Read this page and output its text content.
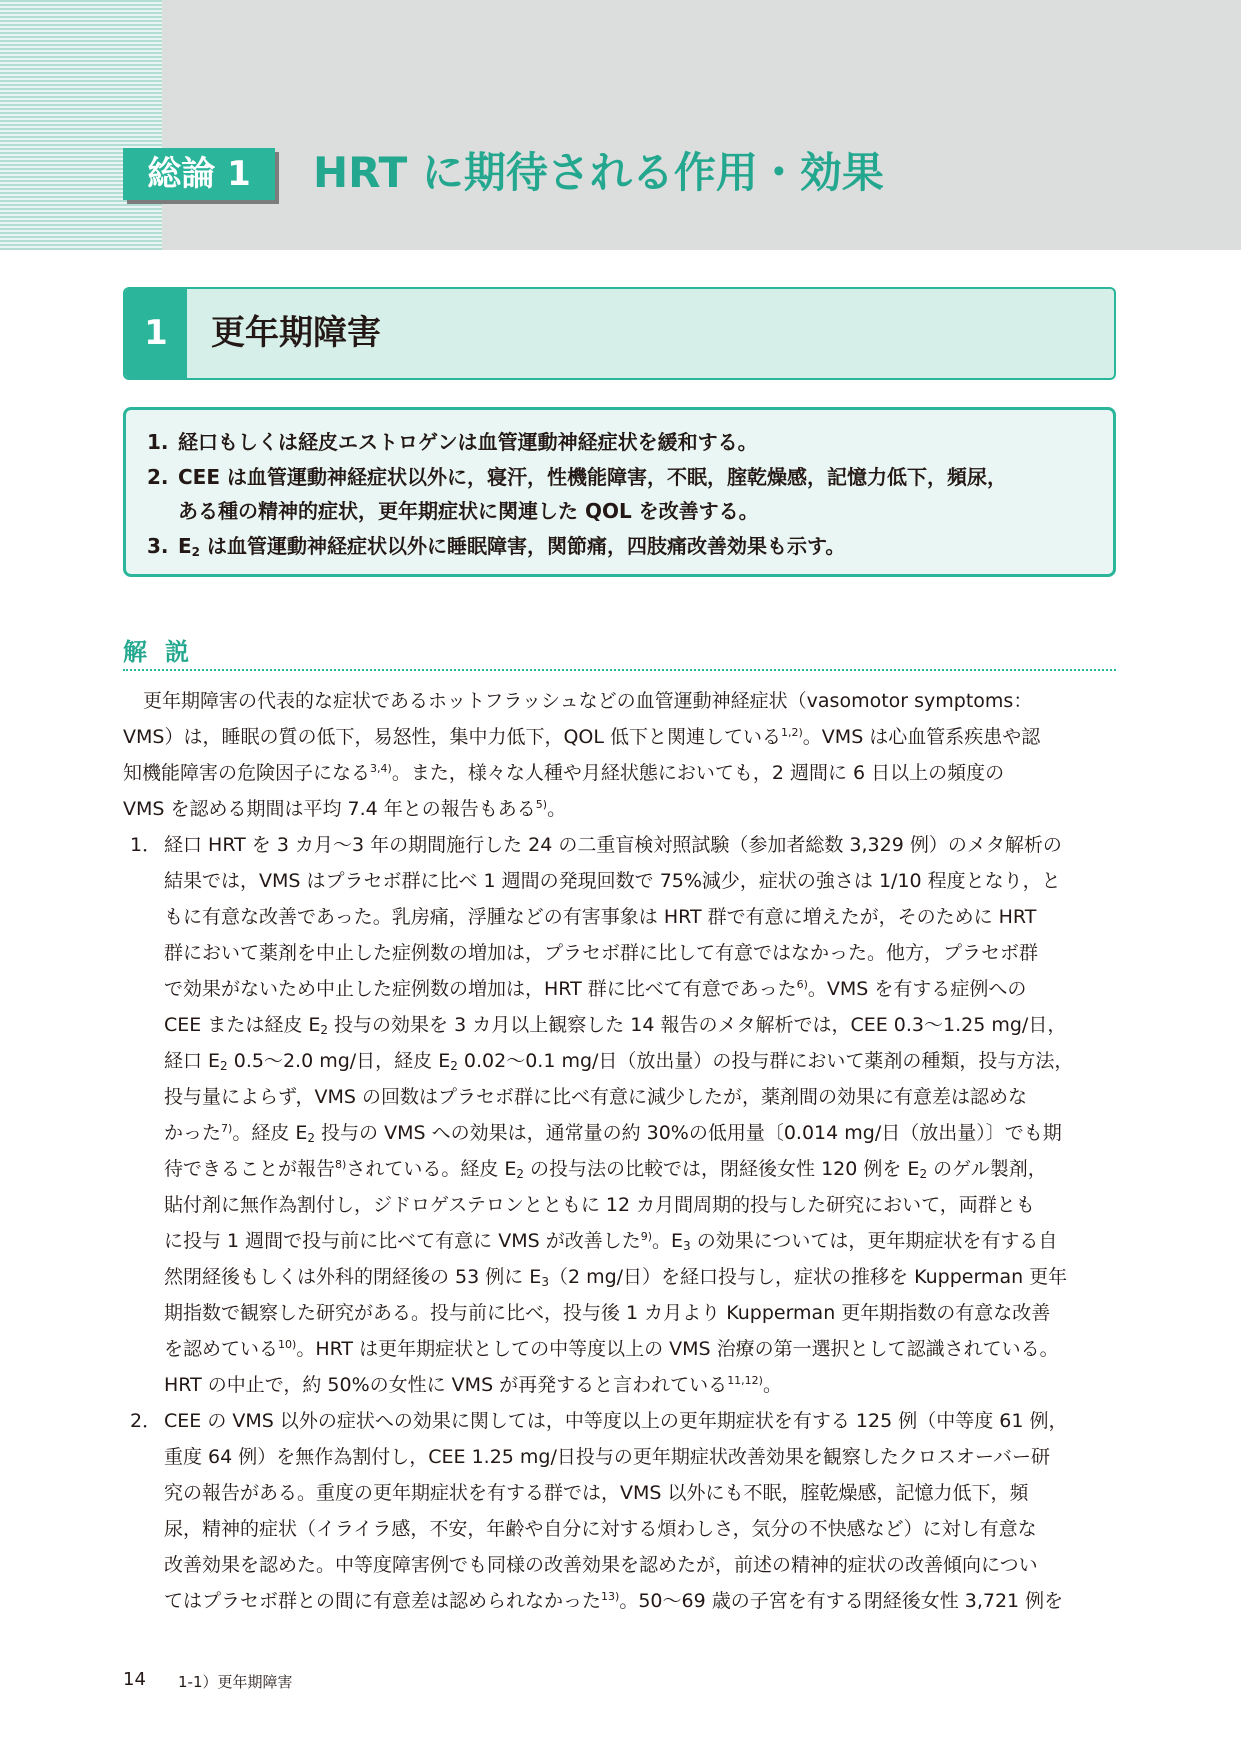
総論 1	HRT に期待される作用・効果
1	更年期障害
1. 経口もしくは経皮エストロゲンは血管運動神経症状を緩和する。
2. CEE は血管運動神経症状以外に，寝汗，性機能障害，不眠，腟乾燥感，記憶力低下，頻尿，
ある種の精神的症状，更年期症状に関連した QOL を改善する。
3. $E_2$ は血管運動神経症状以外に睡眠障害，関節痛，四肢痛改善効果も示す。
解説
更年期障害の代表的な症状であるホットフラッシュなどの血管運動神経症状（vasomotor symptoms：
VMS）は，睡眠の質の低下，易怒性，集中力低下，QOL 低下と関連している$^{1,2)}$。VMS は心血管系疾患や認
知機能障害の危険因子になる$^{3,4)}$。また，様々な人種や月経状態においても，2 週間に 6 日以上の頻度の
VMS を認める期間は平均 7.4 年との報告もある$^{5)}$。
1． 経口 HRT を 3 カ月～3 年の期間施行した 24 の二重盲検対照試験（参加者総数 3,329 例）のメタ解析の
結果では，VMS はプラセボ群に比べ 1 週間の発現回数で 75%減少，症状の強さは 1/10 程度となり，と
もに有意な改善であった。乳房痛，浮腫などの有害事象は HRT 群で有意に増えたが，そのために HRT
群において薬剤を中止した症例数の増加は，プラセボ群に比して有意ではなかった。他方，プラセボ群
で効果がないため中止した症例数の増加は，HRT 群に比べて有意であった$^{6)}$。VMS を有する症例への
CEE または経皮 $E_2$ 投与の効果を 3 カ月以上観察した 14 報告のメタ解析では，CEE 0.3～1.25 mg/日，
経口 $E_2$ 0.5～2.0 mg/日，経皮 $E_2$ 0.02～0.1 mg/日（放出量）の投与群において薬剤の種類，投与方法，
投与量によらず，VMS の回数はプラセボ群に比べ有意に減少したが，薬剤間の効果に有意差は認めな
かった$^{7)}$。経皮 $E_2$ 投与の VMS への効果は，通常量の約 30%の低用量〔0.014 mg/日（放出量）〕でも期
待できることが報告$^{8)}$されている。経皮 $E_2$ の投与法の比較では，閉経後女性 120 例を $E_2$ のゲル製剤，
貼付剤に無作為割付し，ジドロゲステロンとともに 12 カ月間周期的投与した研究において，両群とも
に投与 1 週間で投与前に比べて有意に VMS が改善した$^{9)}$。$E_3$ の効果については，更年期症状を有する自
然閉経後もしくは外科的閉経後の 53 例に $E_3(2$ mg/日）を経口投与し，症状の推移を Kupperman 更年
期指数で観察した研究がある。投与前に比べ，投与後 1 カ月より Kupperman 更年期指数の有意な改善
を認めている$^{10)}$。HRT は更年期症状としての中等度以上の VMS 治療の第一選択として認識されている。
HRT の中止で，約 50%の女性に VMS が再発すると言われている$^{11,12)}$。
2． CEE の VMS 以外の症状への効果に関しては，中等度以上の更年期症状を有する 125 例（中等度 61 例，
重度 64 例）を無作為割付し，CEE 1.25 mg/日投与の更年期症状改善効果を観察したクロスオーバー研
究の報告がある。重度の更年期症状を有する群では，VMS 以外にも不眠，腟乾燥感，記憶力低下，頻
尿，精神的症状（イライラ感，不安，年齢や自分に対する煩わしさ，気分の不快感など）に対し有意な
改善効果を認めた。中等度障害例でも同様の改善効果を認めたが，前述の精神的症状の改善傾向につい
てはプラセボ群との間に有意差は認められなかった$^{13)}$。50～69 歳の子宮を有する閉経後女性 3,721 例を
14 1-1）更年期障害
